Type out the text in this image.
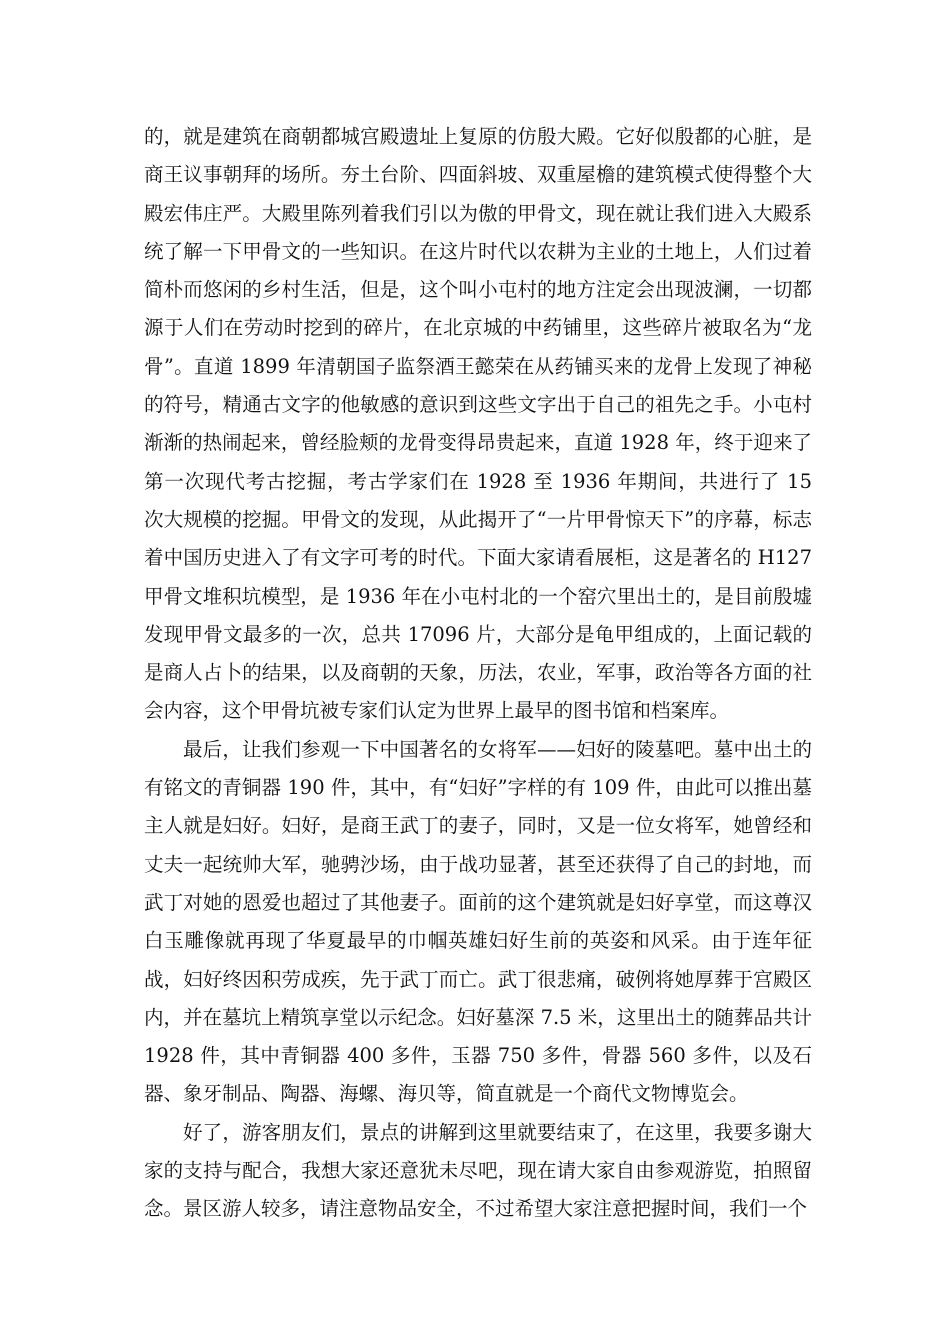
的，就是建筑在商朝都城宫殿遗址上复原的仿殷大殿。它好似殷都的心脏，是商王议事朝拜的场所。夯土台阶、四面斜坡、双重屋檐的建筑模式使得整个大殿宏伟庄严。大殿里陈列着我们引以为傲的甲骨文，现在就让我们进入大殿系统了解一下甲骨文的一些知识。在这片时代以农耕为主业的土地上，人们过着简朴而悠闲的乡村生活，但是，这个叫小屯村的地方注定会出现波澜，一切都源于人们在劳动时挖到的碎片，在北京城的中药铺里，这些碎片被取名为“龙骨”。直道 1899 年清朝国子监祭酒王懿荣在从药铺买来的龙骨上发现了神秘的符号，精通古文字的他敏感的意识到这些文字出于自己的祖先之手。小屯村渐渐的热闹起来，曾经脸颊的龙骨变得昂贵起来，直道 1928 年，终于迎来了第一次现代考古挖掘，考古学家们在 1928 至 1936 年期间，共进行了 15 次大规模的挖掘。甲骨文的发现，从此揭开了“一片甲骨惊天下”的序幕，标志着中国历史进入了有文字可考的时代。下面大家请看展柜，这是著名的 H127 甲骨文堆积坑模型，是 1936 年在小屯村北的一个窑穴里出土的，是目前殷墟发现甲骨文最多的一次，总共 17096 片，大部分是龟甲组成的，上面记载的是商人占卜的结果，以及商朝的天象，历法，农业，军事，政治等各方面的社会内容，这个甲骨坑被专家们认定为世界上最早的图书馆和档案库。

最后，让我们参观一下中国著名的女将军——妇好的陵墓吧。墓中出土的有铭文的青铜器 190 件，其中，有“妇好”字样的有 109 件，由此可以推出墓主人就是妇好。妇好，是商王武丁的妻子，同时，又是一位女将军，她曾经和丈夫一起统帅大军，驰骋沙场，由于战功显著，甚至还获得了自己的封地，而武丁对她的恩爱也超过了其他妻子。面前的这个建筑就是妇好享堂，而这尊汉白玉雕像就再现了华夏最早的巾帼英雄妇好生前的英姿和风采。由于连年征战，妇好终因积劳成疾，先于武丁而亡。武丁很悲痛，破例将她厚葬于宫殿区内，并在墓坑上精筑享堂以示纪念。妇好墓深 7.5 米，这里出土的随葬品共计 1928 件，其中青铜器 400 多件，玉器 750 多件，骨器 560 多件，以及石器、象牙制品、陶器、海螺、海贝等，简直就是一个商代文物博览会。

好了，游客朋友们，景点的讲解到这里就要结束了，在这里，我要多谢大家的支持与配合，我想大家还意犹未尽吧，现在请大家自由参观游览，拍照留念。景区游人较多，请注意物品安全，不过希望大家注意把握时间，我们一个
